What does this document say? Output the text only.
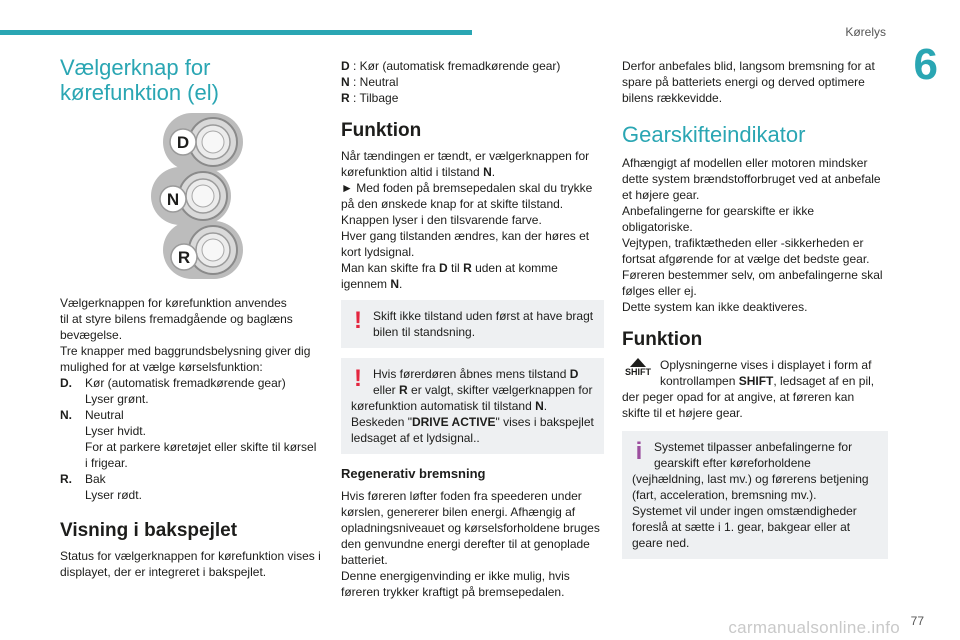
Kørelys
6
Vælgerknap for
kørefunktion (el)
D
N
R

Vælgerknappen for kørefunktion anvendes

til at styre bilens fremadgående og baglæns

bevægelse.

Tre knapper med baggrundsbelysning giver dig

mulighed for at vælge kørselsfunktion:

D.	Kør (automatisk fremadkørende gear)

Lyser grønt.

N.	Neutral

Lyser hvidt.

For at parkere køretøjet eller skifte til kørsel

i frigear.

R.	Bak

Lyser rødt.

Visning i bakspejlet

Status for vælgerknappen for kørefunktion vises i

displayet, der er integreret i bakspejlet.

D : Kør (automatisk fremadkørende gear)

N : Neutral

R : Tilbage

Funktion

Når tændingen er tændt, er vælgerknappen for

kørefunktion altid i tilstand N.

► Med foden på bremsepedalen skal du trykke

på den ønskede knap for at skifte tilstand.

Knappen lyser i den tilsvarende farve.

Hver gang tilstanden ændres, kan der høres et

kort lydsignal.

Man kan skifte fra D til R uden at komme

igennem N.

! Skift ikke tilstand uden først at have bragt

bilen til standsning.

! Hvis førerdøren åbnes mens tilstand D

eller R er valgt, skifter vælgerknappen for

kørefunktion automatisk til tilstand N.

Beskeden "DRIVE ACTIVE" vises i bakspejlet

ledsaget af et lydsignal..

Regenerativ bremsning

Hvis føreren løfter foden fra speederen under

kørslen, genererer bilen energi. Afhængig af

opladningsniveauet og kørselsforholdene bruges

den genvundne energi derefter til at genoplade

batteriet.

Denne energigenvinding er ikke mulig, hvis

føreren trykker kraftigt på bremsepedalen.

Derfor anbefales blid, langsom bremsning for at

spare på batteriets energi og derved optimere

bilens rækkevidde.

Gearskifteindikator

Afhængigt af modellen eller motoren mindsker

dette system brændstofforbruget ved at anbefale

et højere gear.

Anbefalingerne for gearskifte er ikke obligatoriske.

Vejtypen, trafiktætheden eller -sikkerheden er

fortsat afgørende for at vælge det bedste gear.

Føreren bestemmer selv, om anbefalingerne skal

følges eller ej.

Dette system kan ikke deaktiveres.

Funktion
SHIFT Oplysningerne vises i displayet i form af

kontrollampen SHIFT, ledsaget af en pil,

der peger opad for at angive, at føreren kan

skifte til et højere gear.

i Systemet tilpasser anbefalingerne for

gearskift efter køreforholdene

(vejhældning, last mv.) og førerens betjening

(fart, acceleration, bremsning mv.).

Systemet vil under ingen omstændigheder

foreslå at sætte i 1. gear, bakgear eller at

geare ned.

77
carmanualsonline.info
